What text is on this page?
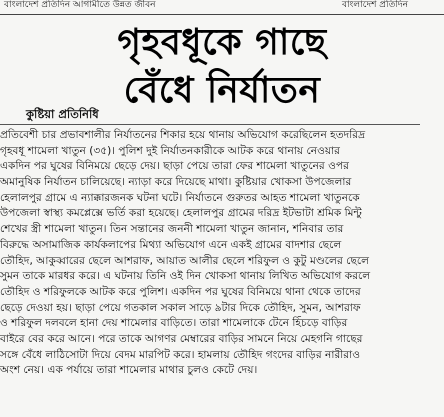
বাংলাদেশ প্রতিদিন আগামীতে উন্নত জীবন	বাংলাদেশ প্রতিদিন
গৃহবধূকে গাছে
বেঁধে নির্যাতন
কুষ্টিয়া প্রতিনিধি
প্রতিবেশী চার প্রভাবশালীর নির্যাতনের শিকার হয়ে থানায় অভিযোগ করেছিলেন হতদরিদ্র
গৃহবধূ শামেলা খাতুন (৩৫)। পুলিশ দুই নির্যাতনকারীকে আটক করে থানায় নেওয়ার
একদিন পর ঘুষের বিনিময়ে ছেড়ে দেয়। ছাড়া পেয়ে তারা ফের শামেলা খাতুনের ওপর
অমানুষিক নির্যাতন চালিয়েছে। ন্যাড়া করে দিয়েছে মাথা। কুষ্টিয়ার খোকসা উপজেলার
হেলালপুর গ্রামে এ ন্যাক্কারজনক ঘটনা ঘটে। নির্যাতনে গুরুতর আহত শামেলা খাতুনকে
উপজেলা স্বাস্থ্য কমপ্লেক্সে ভর্তি করা হয়েছে। হেলালপুর গ্রামের দরিদ্র ইটভাটা শ্রমিক মিন্টু
শেখের স্ত্রী শামেলা খাতুন। তিন সন্তানের জননী শামেলা খাতুন জানান, শনিবার তার
বিরুদ্ধে অসামাজিক কার্যকলাপের মিথ্যা অভিযোগ এনে একই গ্রামের বাদশার ছেলে
তৌহিদ, আকুব্বারের ছেলে আশরাফ, আয়াত আলীর ছেলে শরিফুল ও কুটু মণ্ডলের ছেলে
সুমন তাকে মারধর করে। এ ঘটনায় তিনি ওই দিন খোকসা থানায় লিখিত অভিযোগ করলে
তৌহিদ ও শরিফুলকে আটক করে পুলিশ। একদিন পর ঘুষের বিনিময়ে থানা থেকে তাদের
ছেড়ে দেওয়া হয়। ছাড়া পেয়ে গতকাল সকাল সাড়ে ৯টার দিকে তৌহিদ, সুমন, আশরাফ
ও শরিফুল দলবলে হানা দেয় শামেলার বাড়িতে। তারা শামেলাকে টেনে হিঁচড়ে বাড়ির
বাইরে বের করে আনে। পরে তাকে আগণর মেম্বারের বাড়ির সামনে নিয়ে মেহগনি গাছের
সঙ্গে বেঁধে লাঠিসোটা দিয়ে বেদম মারপিট করে। হামলায় তৌহিদ গংদের বাড়ির নারীরাও
অংশ নেয়। এক পর্যায়ে তারা শামেলার মাথার চুলও কেটে দেয়।
